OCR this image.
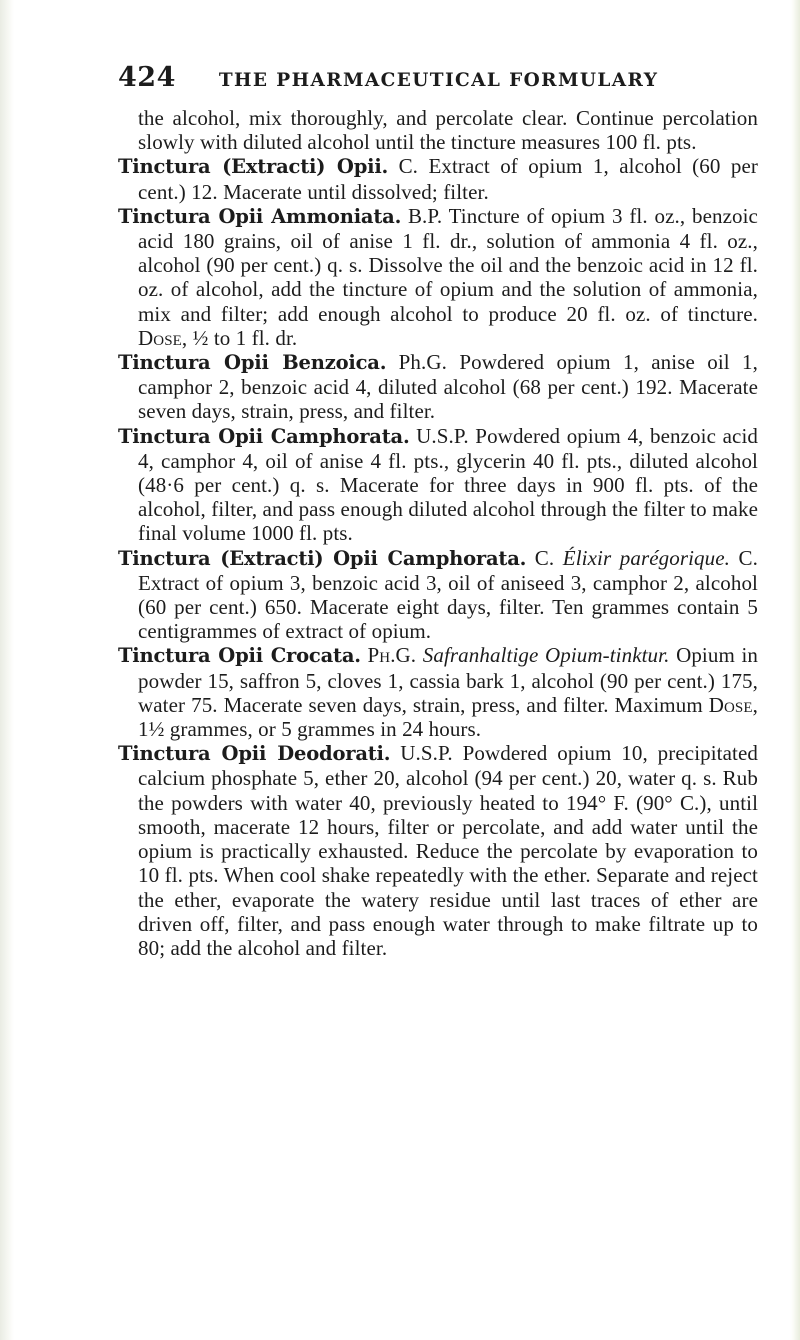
424 THE PHARMACEUTICAL FORMULARY

the alcohol, mix thoroughly, and percolate clear. Continue percolation slowly with diluted alcohol until the tincture measures 100 fl. pts.

Tinctura (Extracti) Opii. C. Extract of opium 1, alcohol (60 per cent.) 12. Macerate until dissolved; filter.

Tinctura Opii Ammoniata. B.P. Tincture of opium 3 fl. oz., benzoic acid 180 grains, oil of anise 1 fl. dr., solution of ammonia 4 fl. oz., alcohol (90 per cent.) q. s. Dissolve the oil and the benzoic acid in 12 fl. oz. of alcohol, add the tincture of opium and the solution of ammonia, mix and filter; add enough alcohol to produce 20 fl. oz. of tincture. Dose, ½ to 1 fl. dr.

Tinctura Opii Benzoica. Ph.G. Powdered opium 1, anise oil 1, camphor 2, benzoic acid 4, diluted alcohol (68 per cent.) 192. Macerate seven days, strain, press, and filter.

Tinctura Opii Camphorata. U.S.P. Powdered opium 4, benzoic acid 4, camphor 4, oil of anise 4 fl. pts., glycerin 40 fl. pts., diluted alcohol (48·6 per cent.) q. s. Macerate for three days in 900 fl. pts. of the alcohol, filter, and pass enough diluted alcohol through the filter to make final volume 1000 fl. pts.

Tinctura (Extracti) Opii Camphorata. C. Élixir parégorique. C. Extract of opium 3, benzoic acid 3, oil of aniseed 3, camphor 2, alcohol (60 per cent.) 650. Macerate eight days, filter. Ten grammes contain 5 centigrammes of extract of opium.

Tinctura Opii Crocata. Ph.G. Safranhaltige Opium-tinktur. Opium in powder 15, saffron 5, cloves 1, cassia bark 1, alcohol (90 per cent.) 175, water 75. Macerate seven days, strain, press, and filter. Maximum Dose, 1½ grammes, or 5 grammes in 24 hours.

Tinctura Opii Deodorati. U.S.P. Powdered opium 10, precipitated calcium phosphate 5, ether 20, alcohol (94 per cent.) 20, water q. s. Rub the powders with water 40, previously heated to 194° F. (90° C.), until smooth, macerate 12 hours, filter or percolate, and add water until the opium is practically exhausted. Reduce the percolate by evaporation to 10 fl. pts. When cool shake repeatedly with the ether. Separate and reject the ether, evaporate the watery residue until last traces of ether are driven off, filter, and pass enough water through to make filtrate up to 80; add the alcohol and filter.
